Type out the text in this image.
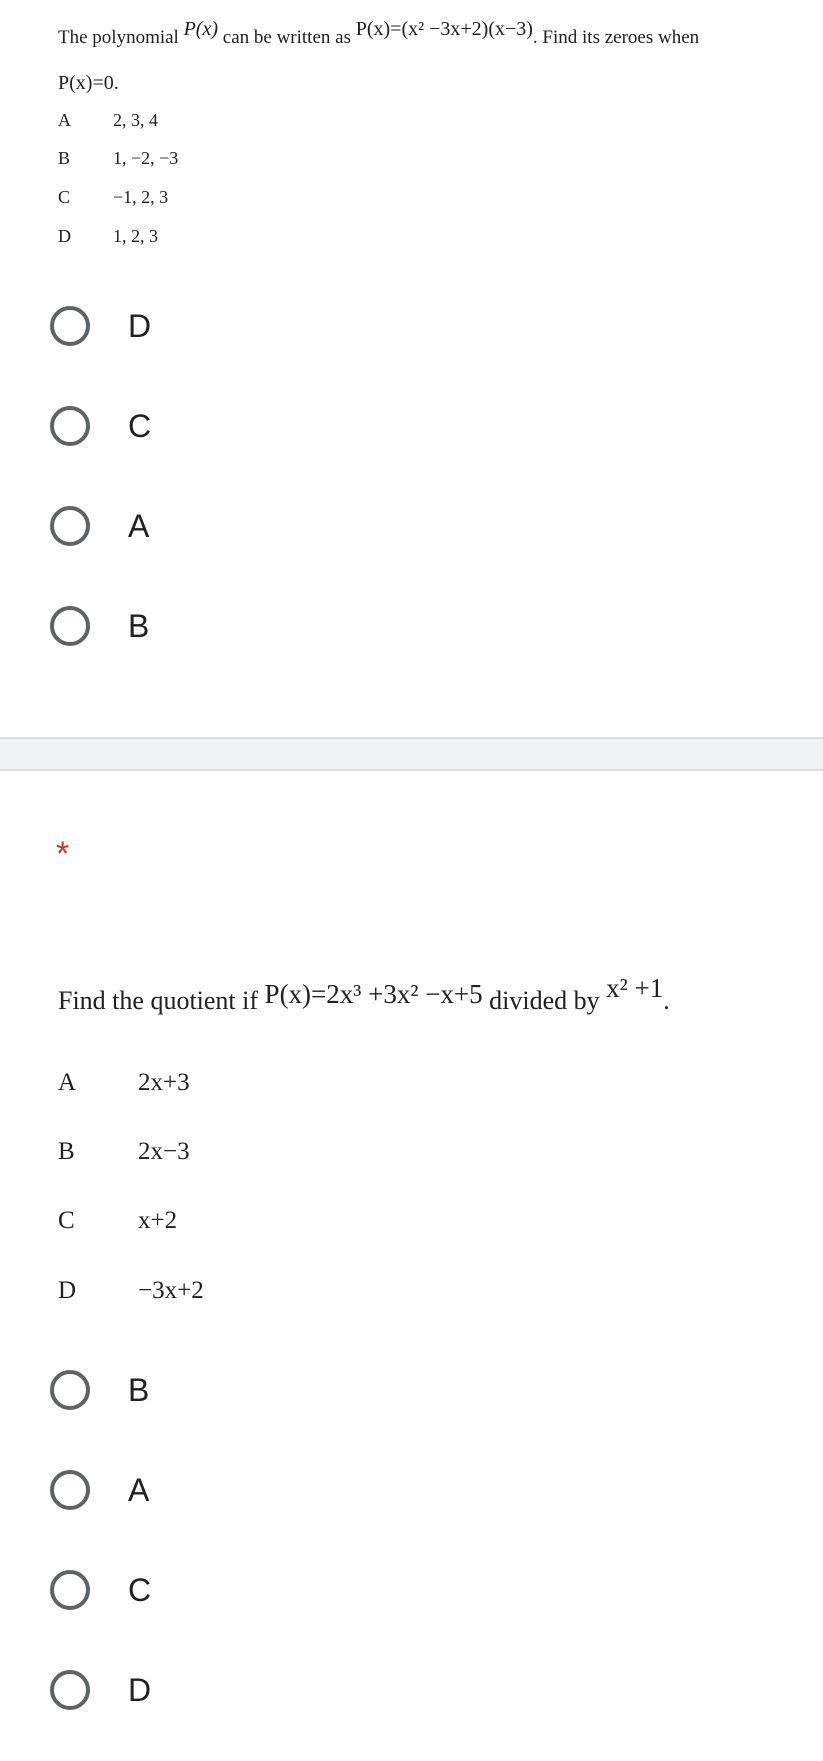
The polynomial P(x) can be written as P(x)=(x² −3x+2)(x−3). Find its zeroes when
P(x)=0.
A 2, 3, 4
B 1, −2, −3
C −1, 2, 3
D 1, 2, 3
D
C
A
B
*
Find the quotient if P(x)=2x³ +3x² −x+5 divided by x² +1.
A 2x+3
B	2x−3
C	x+2
D −3x+2
B
A
C
D
